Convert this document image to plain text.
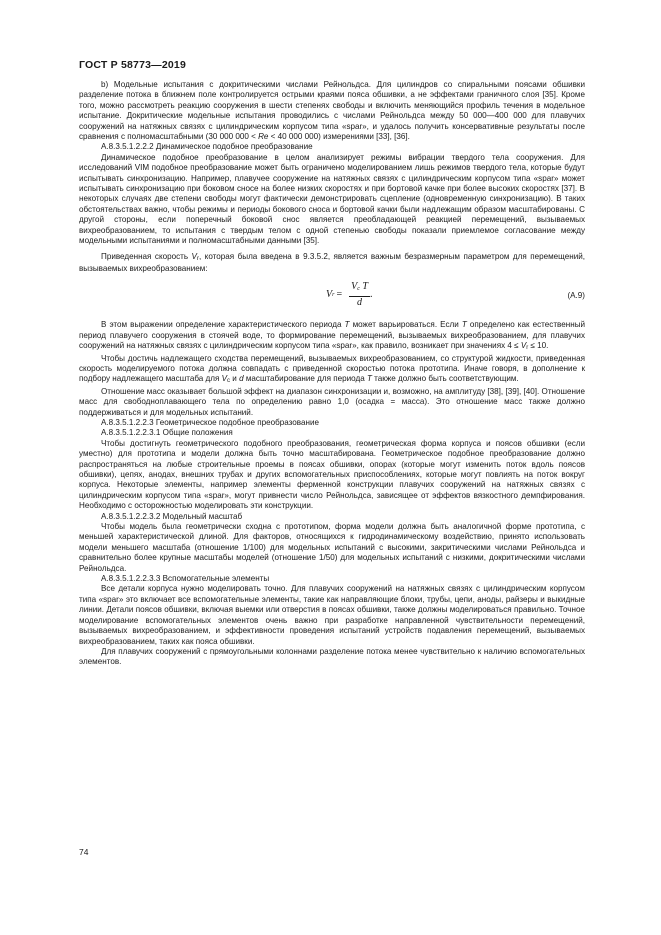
ГОСТ Р 58773—2019

b) Модельные испытания с докритическими числами Рейнольдса. Для цилиндров со спиральными поясами обшивки разделение потока в ближнем поле контролируется острыми краями пояса обшивки, а не эффектами граничного слоя [35]. Кроме того, можно рассмотреть реакцию сооружения в шести степенях свободы и включить меняющийся профиль течения в модельное испытание. Докритические модельные испытания проводились с числами Рейнольдса между 50 000—400 000 для плавучих сооружений на натяжных связях с цилиндрическим корпусом типа «spar», и удалось получить консервативные результаты после сравнения с полномасштабными (30 000 000 < Re < 40 000 000) измерениями [33], [36].

А.8.3.5.1.2.2.2 Динамическое подобное преобразование

Динамическое подобное преобразование в целом анализирует режимы вибрации твердого тела сооружения. Для исследований VIM подобное преобразование может быть ограничено моделированием лишь режимов твердого тела, которые будут испытывать синхронизацию. Например, плавучее сооружение на натяжных связях с цилиндрическим корпусом типа «spar» может испытывать синхронизацию при боковом сносе на более низких скоростях и при бортовой качке при более высоких скоростях [37]. В некоторых случаях две степени свободы могут фактически демонстрировать сцепление (одновременную синхронизацию). В таких обстоятельствах важно, чтобы режимы и периоды бокового сноса и бортовой качки были надлежащим образом масштабированы. С другой стороны, если поперечный боковой снос является преобладающей реакцией перемещений, вызываемых вихреобразованием, то испытания с твердым телом с одной степенью свободы показали приемлемое согласование между модельными испытаниями и полномасштабными данными [35].

Приведенная скорость $V_r$, которая была введена в 9.3.5.2, является важным безразмерным параметром для перемещений, вызываемых вихреобразованием:

V $r = \frac{V_c T}{d}$ .	(А.9)

В этом выражении определение характеристического периода T может варьироваться. Если T определено как естественный период плавучего сооружения в стоячей воде, то формирование перемещений, вызываемых вихреобразованием, для плавучих сооружений на натяжных связях с цилиндрическим корпусом типа «spar», как правило, возникает при значениях $4 \le V_r \le 10$.

Чтобы достичь надлежащего сходства перемещений, вызываемых вихреобразованием, со структурой жидкости, приведенная скорость моделируемого потока должна совпадать с приведенной скоростью потока прототипа. Иначе говоря, в дополнение к подбору надлежащего масштаба для $V_c$ и d масштабирование для периода T также должно быть соответствующим.

Отношение масс оказывает большой эффект на диапазон синхронизации и, возможно, на амплитуду [38], [39], [40]. Отношение масс для свободноплавающего тела по определению равно 1,0 (осадка = масса). Это отношение масс также должно поддерживаться и для модельных испытаний.

А.8.3.5.1.2.2.3 Геометрическое подобное преобразование

А.8.3.5.1.2.2.3.1 Общие положения

Чтобы достигнуть геометрического подобного преобразования, геометрическая форма корпуса и поясов обшивки (если уместно) для прототипа и модели должна быть точно масштабирована. Геометрическое подобное преобразование должно распространяться на любые строительные проемы в поясах обшивки, опорах (которые могут изменить поток вдоль поясов обшивки), цепях, анодах, внешних трубах и других вспомогательных приспособлениях, которые могут повлиять на поток вокруг корпуса. Некоторые элементы, например элементы ферменной конструкции плавучих сооружений на натяжных связях с цилиндрическим корпусом типа «spar», могут привнести число Рейнольдса, зависящее от эффектов вязкостного демпфирования. Необходимо с осторожностью моделировать эти конструкции.

А.8.3.5.1.2.2.3.2 Модельный масштаб

Чтобы модель была геометрически сходна с прототипом, форма модели должна быть аналогичной форме прототипа, с меньшей характеристической длиной. Для факторов, относящихся к гидродинамическому воздействию, принято использовать модели меньшего масштаба (отношение 1/100) для модельных испытаний с высокими, закритическими числами Рейнольдса и сравнительно более крупные масштабы моделей (отношение 1/50) для модельных испытаний с низкими, докритическими числами Рейнольдса.

А.8.3.5.1.2.2.3.3 Вспомогательные элементы

Все детали корпуса нужно моделировать точно. Для плавучих сооружений на натяжных связях с цилиндрическим корпусом типа «spar» это включает все вспомогательные элементы, такие как направляющие блоки, трубы, цепи, аноды, райзеры и выкидные линии. Детали поясов обшивки, включая выемки или отверстия в поясах обшивки, также должны моделироваться правильно. Точное моделирование вспомогательных элементов очень важно при разработке направленной чувствительности перемещений, вызываемых вихреобразованием, и эффективности проведения испытаний устройств подавления перемещений, вызываемых вихреобразованием, таких как пояса обшивки.

Для плавучих сооружений с прямоугольными колоннами разделение потока менее чувствительно к наличию вспомогательных элементов.

74
